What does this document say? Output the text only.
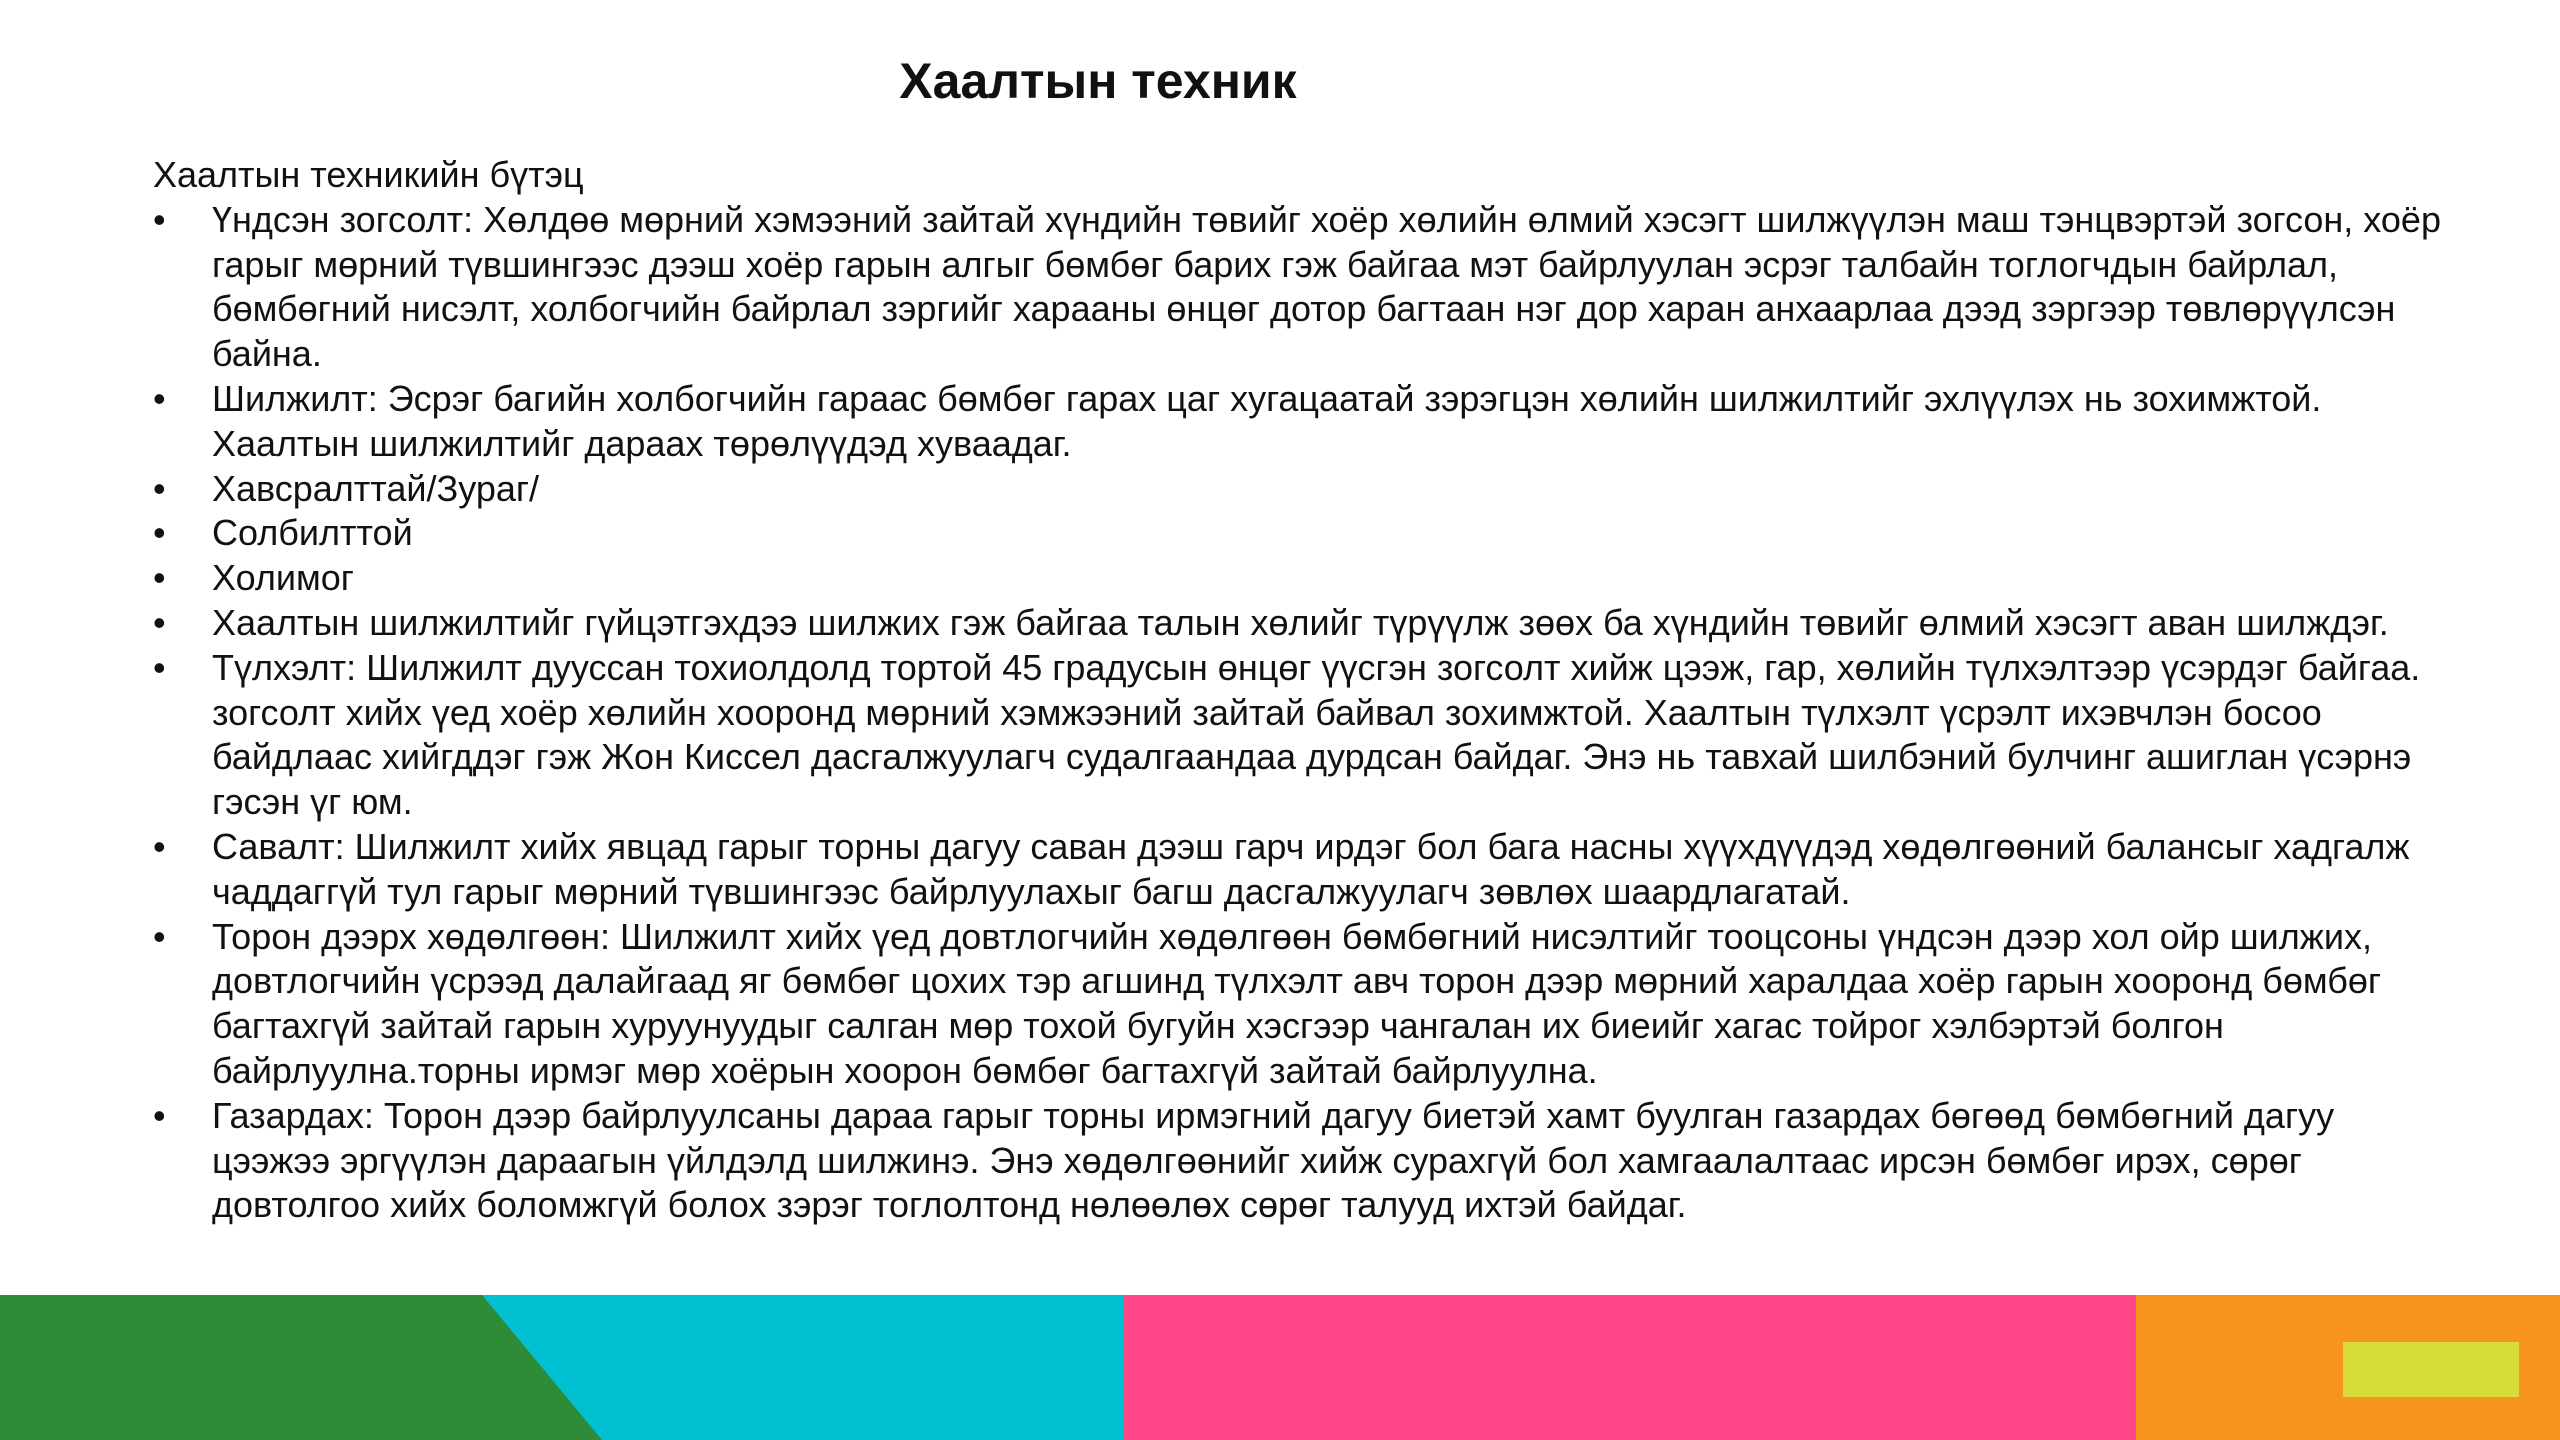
Хаалтын техник

Хаалтын техникийн бүтэц

• Үндсэн зогсолт: Хөлдөө мөрний хэмээний зайтай хүндийн төвийг хоёр хөлийн өлмий хэсэгт шилжүүлэн маш тэнцвэртэй зогсон, хоёр гарыг мөрний түвшингээс дээш хоёр гарын алгыг бөмбөг барих гэж байгаа мэт байрлуулан эсрэг талбайн тоглогчдын байрлал, бөмбөгний нисэлт, холбогчийн байрлал зэргийг харааны өнцөг дотор багтаан нэг дор харан анхаарлаа дээд зэргээр төвлөрүүлсэн байна.
• Шилжилт: Эсрэг багийн холбогчийн гараас бөмбөг гарах цаг хугацаатай зэрэгцэн хөлийн шилжилтийг эхлүүлэх нь зохимжтой. Хаалтын шилжилтийг дараах төрөлүүдэд хуваадаг.
• Хавсралттай/Зураг/
• Солбилттой
• Холимог
• Хаалтын шилжилтийг гүйцэтгэхдээ шилжих гэж байгаа талын хөлийг түрүүлж зөөх ба хүндийн төвийг өлмий хэсэгт аван шилждэг.
• Түлхэлт: Шилжилт дууссан тохиолдолд тортой 45 градусын өнцөг үүсгэн зогсолт хийж цээж, гар, хөлийн түлхэлтээр үсэрдэг байгаа. зогсолт хийх үед хоёр хөлийн хооронд мөрний хэмжээний зайтай байвал зохимжтой. Хаалтын түлхэлт үсрэлт ихэвчлэн босоо байдлаас хийгддэг гэж Жон Киссел дасгалжуулагч судалгаандаа дурдсан байдаг. Энэ нь тавхай шилбэний булчинг ашиглан үсэрнэ гэсэн үг юм.
• Савалт: Шилжилт хийх явцад гарыг торны дагуу саван дээш гарч ирдэг бол бага насны хүүхдүүдэд хөдөлгөөний балансыг хадгалж чаддаггүй тул гарыг мөрний түвшингээс байрлуулахыг багш дасгалжуулагч зөвлөх шаардлагатай.
• Торон дээрх хөдөлгөөн: Шилжилт хийх үед довтлогчийн хөдөлгөөн бөмбөгний нисэлтийг тооцсоны үндсэн дээр хол ойр шилжих, довтлогчийн үсрээд далайгаад яг бөмбөг цохих тэр агшинд түлхэлт авч торон дээр мөрний харалдаа хоёр гарын хооронд бөмбөг багтахгүй зайтай гарын хуруунуудыг салган мөр тохой бугуйн хэсгээр чангалан их биеийг хагас тойрог хэлбэртэй болгон байрлуулна.торны ирмэг мөр хоёрын хоорон бөмбөг багтахгүй зайтай байрлуулна.
• Газардах: Торон дээр байрлуулсаны дараа гарыг торны ирмэгний дагуу биетэй хамт буулган газардах бөгөөд бөмбөгний дагуу цээжээ эргүүлэн дараагын үйлдэлд шилжинэ. Энэ хөдөлгөөнийг хийж сурахгүй бол хамгаалалтаас ирсэн бөмбөг ирэх, сөрөг довтолгоо хийх боломжгүй болох зэрэг тоглолтонд нөлөөлөх сөрөг талууд ихтэй байдаг.
